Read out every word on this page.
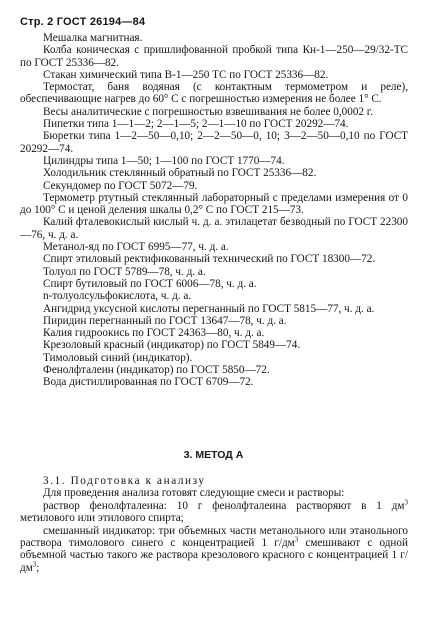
Стр. 2 ГОСТ 26194—84

Мешалка магнитная.

Колба коническая с пришлифованной пробкой типа Кн-1—250—29/32-ТС по ГОСТ 25336—82.

Стакан химический типа В-1—250 ТС по ГОСТ 25336—82.

Термостат, баня водяная (с контактным термометром и реле), обеспечивающие нагрев до 60° С с погрешностью измерения не более 1° С.

Весы аналитические с погрешностью взвешивания не более 0,0002 г.

Пипетки типа 1—1—2; 2—1—5; 2—1—10 по ГОСТ 20292—74.

Бюретки типа 1—2—50—0,10; 2—2—50—0, 10; 3—2—50—0,10 по ГОСТ 20292—74.

Цилиндры типа 1—50; 1—100 по ГОСТ 1770—74.

Холодильник стеклянный обратный по ГОСТ 25336—82.

Секундомер по ГОСТ 5072—79.

Термометр ртутный стеклянный лабораторный с пределами измерения от 0 до 100° С и ценой деления шкалы 0,2° С по ГОСТ 215—73.

Калий фталевокислый кислый ч. д. а. этилацетат безводный по ГОСТ 22300—76, ч. д. а.

Метанол-яд по ГОСТ 6995—77, ч. д. а.

Спирт этиловый ректификованный технический по ГОСТ 18300—72.

Толуол по ГОСТ 5789—78, ч. д. а.

Спирт бутиловый по ГОСТ 6006—78, ч. д. а.

n-толуолсульфокислота, ч. д. а.

Ангидрид уксусной кислоты перегнанный по ГОСТ 5815—77, ч. д. а.

Пиридин перегнанный по ГОСТ 13647—78, ч. д. а.

Калия гидроокись по ГОСТ 24363—80, ч. д. а.

Крезоловый красный (индикатор) по ГОСТ 5849—74.

Тимоловый синий (индикатор).

Фенолфталеин (индикатор) по ГОСТ 5850—72.

Вода дистиллированная по ГОСТ 6709—72.

3. МЕТОД А

3.1. Подготовка к анализу

Для проведения анализа готовят следующие смеси и растворы:

раствор фенолфталеина: 10 г фенолфталеина растворяют в 1 $дм^3$ метилового или этилового спирта;

смешанный индикатор: три объемных части метанольного или этанольного раствора тимолового синего с концентрацией 1 $г/дм^3$ смешивают с одной объемной частью такого же раствора крезолового красного с концентрацией 1 $г/дм^3$;
